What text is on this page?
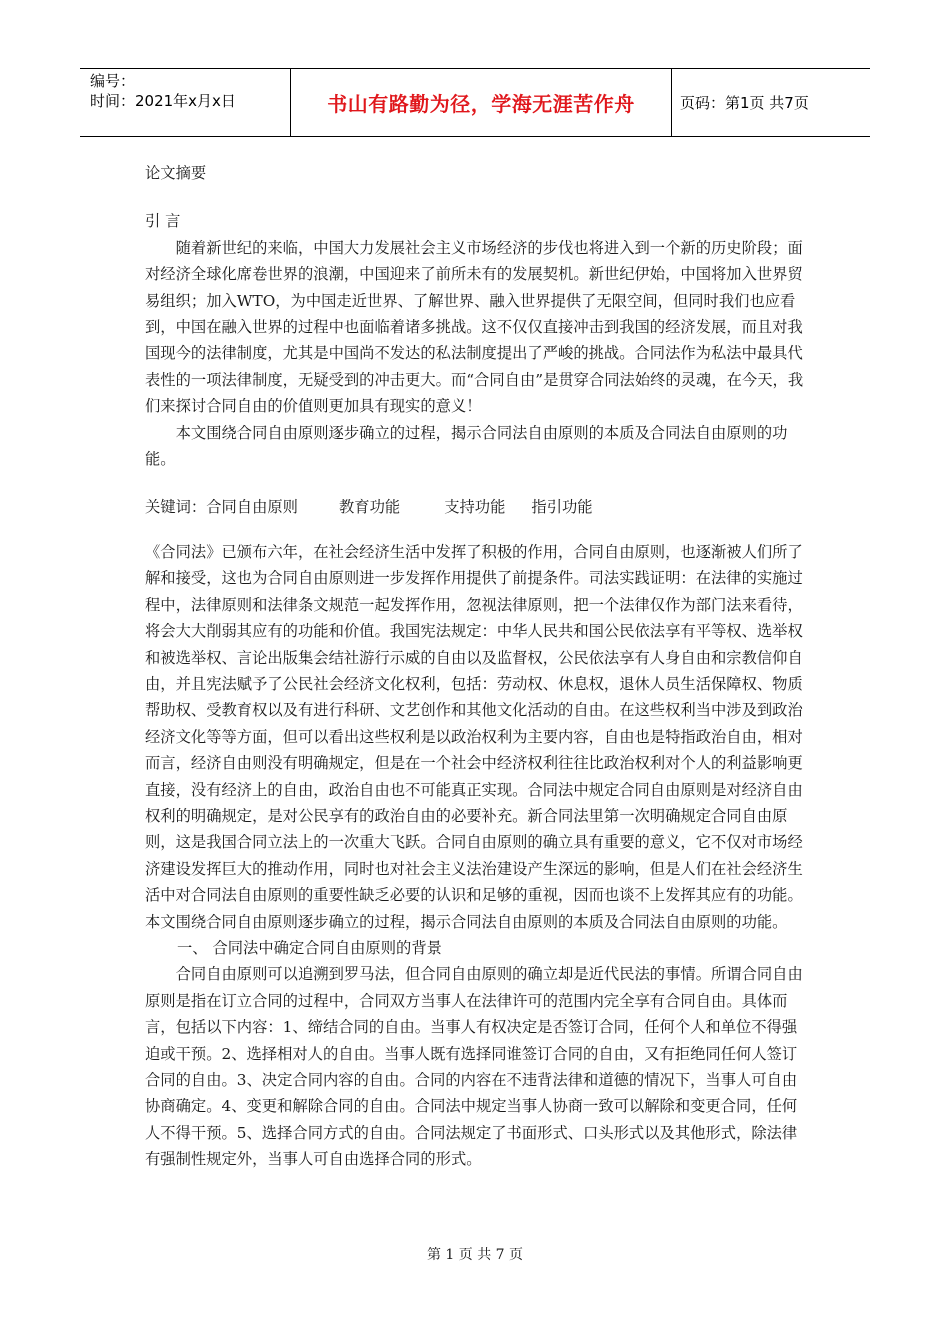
编号：
时间：2021年x月x日	书山有路勤为径，学海无涯苦作舟	页码：第1页 共7页

论文摘要

引 言

随着新世纪的来临，中国大力发展社会主义市场经济的步伐也将进入到一个新的历史阶段；面对经济全球化席卷世界的浪潮，中国迎来了前所未有的发展契机。新世纪伊始，中国将加入世界贸易组织；加入WTO，为中国走近世界、了解世界、融入世界提供了无限空间，但同时我们也应看到，中国在融入世界的过程中也面临着诸多挑战。这不仅仅直接冲击到我国的经济发展，而且对我国现今的法律制度，尤其是中国尚不发达的私法制度提出了严峻的挑战。合同法作为私法中最具代表性的一项法律制度，无疑受到的冲击更大。而“合同自由”是贯穿合同法始终的灵魂，在今天，我们来探讨合同自由的价值则更加具有现实的意义！

本文围绕合同自由原则逐步确立的过程，揭示合同法自由原则的本质及合同法自由原则的功能。

关键词：合同自由原则	教育功能	支持功能 指引功能

《合同法》已颁布六年，在社会经济生活中发挥了积极的作用，合同自由原则，也逐渐被人们所了解和接受，这也为合同自由原则进一步发挥作用提供了前提条件。司法实践证明：在法律的实施过程中，法律原则和法律条文规范一起发挥作用，忽视法律原则，把一个法律仅作为部门法来看待，将会大大削弱其应有的功能和价值。我国宪法规定：中华人民共和国公民依法享有平等权、选举权和被选举权、言论出版集会结社游行示威的自由以及监督权，公民依法享有人身自由和宗教信仰自由，并且宪法赋予了公民社会经济文化权利，包括：劳动权、休息权，退休人员生活保障权、物质帮助权、受教育权以及有进行科研、文艺创作和其他文化活动的自由。在这些权利当中涉及到政治经济文化等等方面，但可以看出这些权利是以政治权利为主要内容，自由也是特指政治自由，相对而言，经济自由则没有明确规定，但是在一个社会中经济权利往往比政治权利对个人的利益影响更直接，没有经济上的自由，政治自由也不可能真正实现。合同法中规定合同自由原则是对经济自由权利的明确规定，是对公民享有的政治自由的必要补充。新合同法里第一次明确规定合同自由原则，这是我国合同立法上的一次重大飞跃。合同自由原则的确立具有重要的意义，它不仅对市场经济建设发挥巨大的推动作用，同时也对社会主义法治建设产生深远的影响，但是人们在社会经济生活中对合同法自由原则的重要性缺乏必要的认识和足够的重视，因而也谈不上发挥其应有的功能。本文围绕合同自由原则逐步确立的过程，揭示合同法自由原则的本质及合同法自由原则的功能。

一、 合同法中确定合同自由原则的背景

合同自由原则可以追溯到罗马法，但合同自由原则的确立却是近代民法的事情。所谓合同自由原则是指在订立合同的过程中，合同双方当事人在法律许可的范围内完全享有合同自由。具体而言，包括以下内容：1、缔结合同的自由。当事人有权决定是否签订合同，任何个人和单位不得强迫或干预。2、选择相对人的自由。当事人既有选择同谁签订合同的自由，又有拒绝同任何人签订合同的自由。3、决定合同内容的自由。合同的内容在不违背法律和道德的情况下，当事人可自由协商确定。4、变更和解除合同的自由。合同法中规定当事人协商一致可以解除和变更合同，任何人不得干预。5、选择合同方式的自由。合同法规定了书面形式、口头形式以及其他形式，除法律有强制性规定外，当事人可自由选择合同的形式。

第 1 页 共 7 页
